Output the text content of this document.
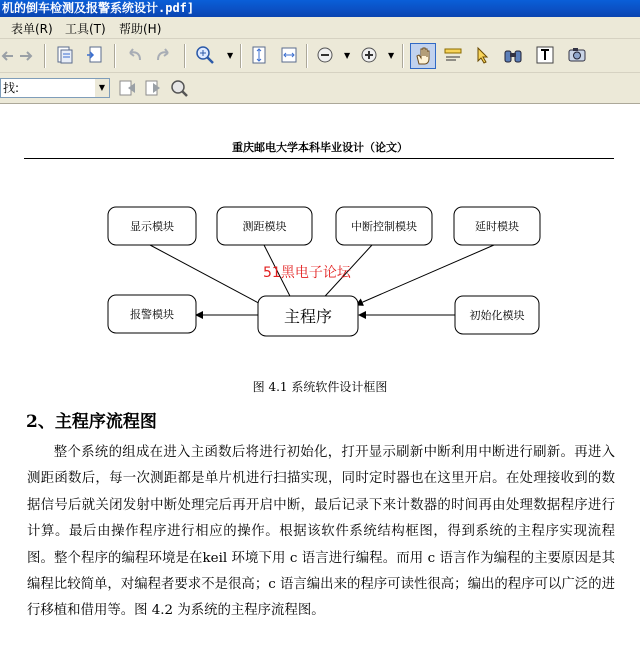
机的倒车检测及报警系统设计.pdf]
表单(R) 工具(T) 帮助(H)
▼	▼	▼
找:	▼
重庆邮电大学本科毕业设计（论文）
显示模块	测距模块	中断控制模块	延时模块
报警模块	主程序	初始化模块
51黑电子论坛
图 4.1 系统软件设计框图
2、主程序流程图
整个系统的组成在进入主函数后将进行初始化，打开显示刷新中断利用中断进行刷新。再进入测距函数后，每一次测距都是单片机进行扫描实现，同时定时器也在这里开启。在处理接收到的数据信号后就关闭发射中断处理完后再开启中断，最后记录下来计数器的时间再由处理数据程序进行计算。最后由操作程序进行相应的操作。根据该软件系统结构框图，得到系统的主程序实现流程图。整个程序的编程环境是在keil 环境下用 c 语言进行编程。而用 c 语言作为编程的主要原因是其编程比较简单，对编程者要求不是很高；c 语言编出来的程序可读性很高；编出的程序可以广泛的进行移植和借用等。图 4.2 为系统的主程序流程图。
